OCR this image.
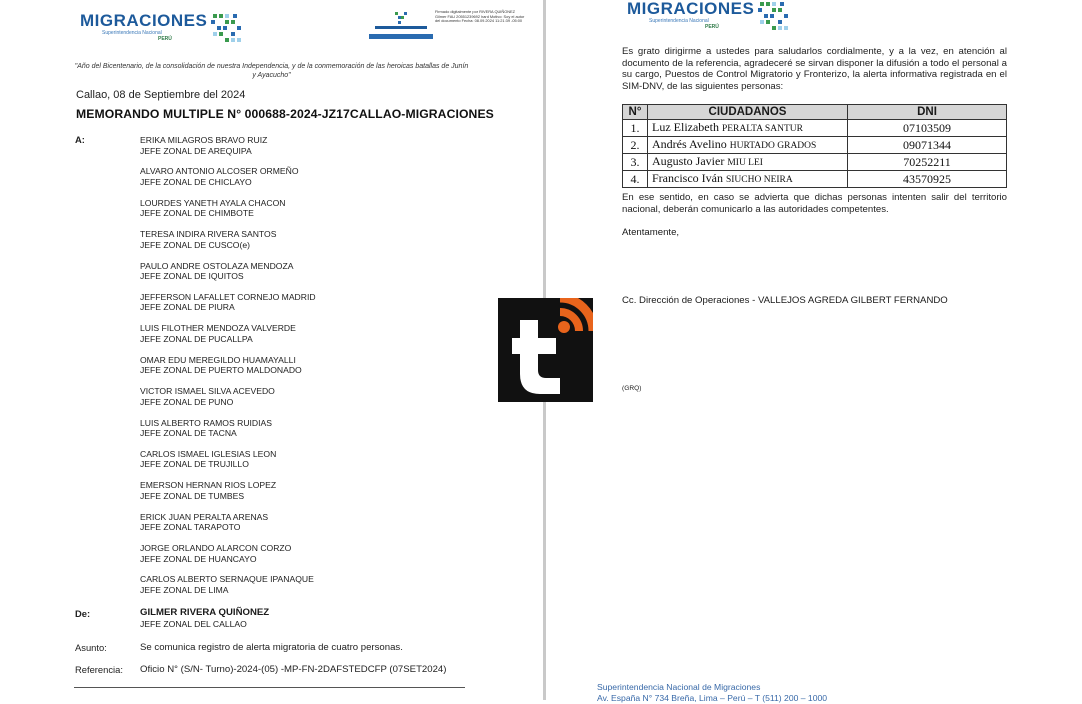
MIGRACIONES
Superintendencia Nacional
PERÚ
Firmado digitalmente por RIVERA QUIÑONEZ Gilmer FAU 20551239692 hard Motivo: Soy el autor del documento Fecha: 08.09.2024 11:21:39 -05:00
"Año del Bicentenario, de la consolidación de nuestra Independencia, y de la conmemoración de las heroicas batallas de Junín y Ayacucho"
Callao, 08 de Septiembre del 2024
MEMORANDO MULTIPLE N° 000688-2024-JZ17CALLAO-MIGRACIONES
A:	ERIKA MILAGROS BRAVO RUIZ
JEFE ZONAL DE AREQUIPA
ALVARO ANTONIO ALCOSER ORMEÑO
JEFE ZONAL DE CHICLAYO
LOURDES YANETH AYALA CHACON
JEFE ZONAL DE CHIMBOTE
TERESA INDIRA RIVERA SANTOS
JEFE ZONAL DE CUSCO(e)
PAULO ANDRE OSTOLAZA MENDOZA
JEFE ZONAL DE IQUITOS
JEFFERSON LAFALLET CORNEJO MADRID
JEFE ZONAL DE PIURA
LUIS FILOTHER MENDOZA VALVERDE
JEFE ZONAL DE PUCALLPA
OMAR EDU MEREGILDO HUAMAYALLI
JEFE ZONAL DE PUERTO MALDONADO
VICTOR ISMAEL SILVA ACEVEDO
JEFE ZONAL DE PUNO
LUIS ALBERTO RAMOS RUIDIAS
JEFE ZONAL DE TACNA
CARLOS ISMAEL IGLESIAS LEON
JEFE ZONAL DE TRUJILLO
EMERSON HERNAN RIOS LOPEZ
JEFE ZONAL DE TUMBES
ERICK JUAN PERALTA ARENAS
JEFE ZONAL TARAPOTO
JORGE ORLANDO ALARCON CORZO
JEFE ZONAL DE HUANCAYO
CARLOS ALBERTO SERNAQUE IPANAQUE
JEFE ZONAL DE LIMA
De:	GILMER RIVERA QUIÑONEZ
JEFE ZONAL DEL CALLAO
Asunto:	Se comunica registro de alerta migratoria de cuatro personas.
Referencia: Oficio N° (S/N- Turno)-2024-(05) -MP-FN-2DAFSTEDCFP (07SET2024)
MIGRACIONES
Superintendencia Nacional
PERÚ
Es grato dirigirme a ustedes para saludarlos cordialmente, y a la vez, en atención al documento de la referencia, agradeceré se sirvan disponer la difusión a todo el personal a su cargo, Puestos de Control Migratorio y Fronterizo, la alerta informativa registrada en el SIM-DNV, de las siguientes personas:
N°	CIUDADANOS	DNI
1.	Luz Elizabeth PERALTA SANTUR	07103509
2.	Andrés Avelino HURTADO GRADOS	09071344
3.	Augusto Javier MIU LEI	70252211
4.	Francisco Iván SIUCHO NEIRA	43570925
En ese sentido, en caso se advierta que dichas personas intenten salir del territorio nacional, deberán comunicarlo a las autoridades competentes.
Atentamente,
Cc. Dirección de Operaciones - VALLEJOS AGREDA GILBERT FERNANDO
(GRQ)
Superintendencia Nacional de Migraciones
Av. España N° 734 Breña, Lima – Perú – T (511) 200 – 1000
